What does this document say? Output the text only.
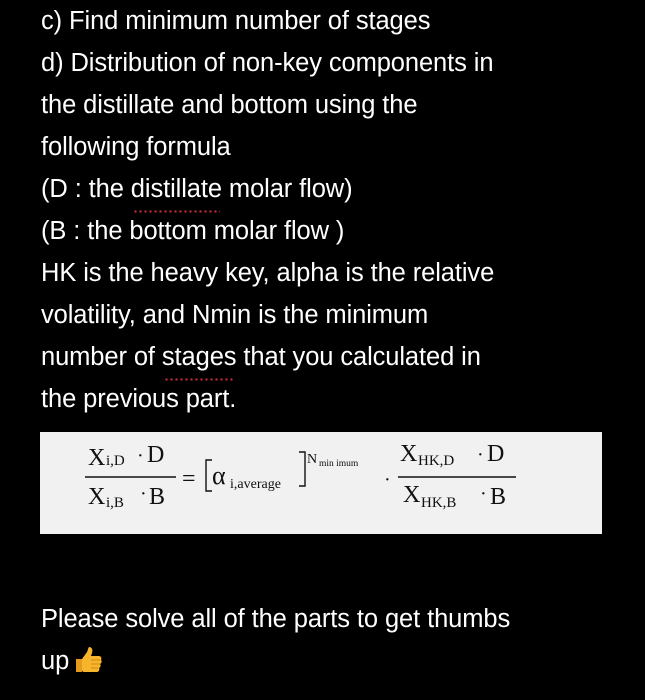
c) Find minimum number of stages
d) Distribution of non-key components in
the distillate and bottom using the
following formula
(D : the distillate molar flow)
(B : the bottom molar flow )
HK is the heavy key, alpha is the relative
volatility, and Nmin is the minimum
number of stages that you calculated in
the previous part.
X i,D · D
X i,B · B
= α i,average
N min imum
·
X HK,D · D
X HK,B · B
Please solve all of the parts to get thumbs
up
